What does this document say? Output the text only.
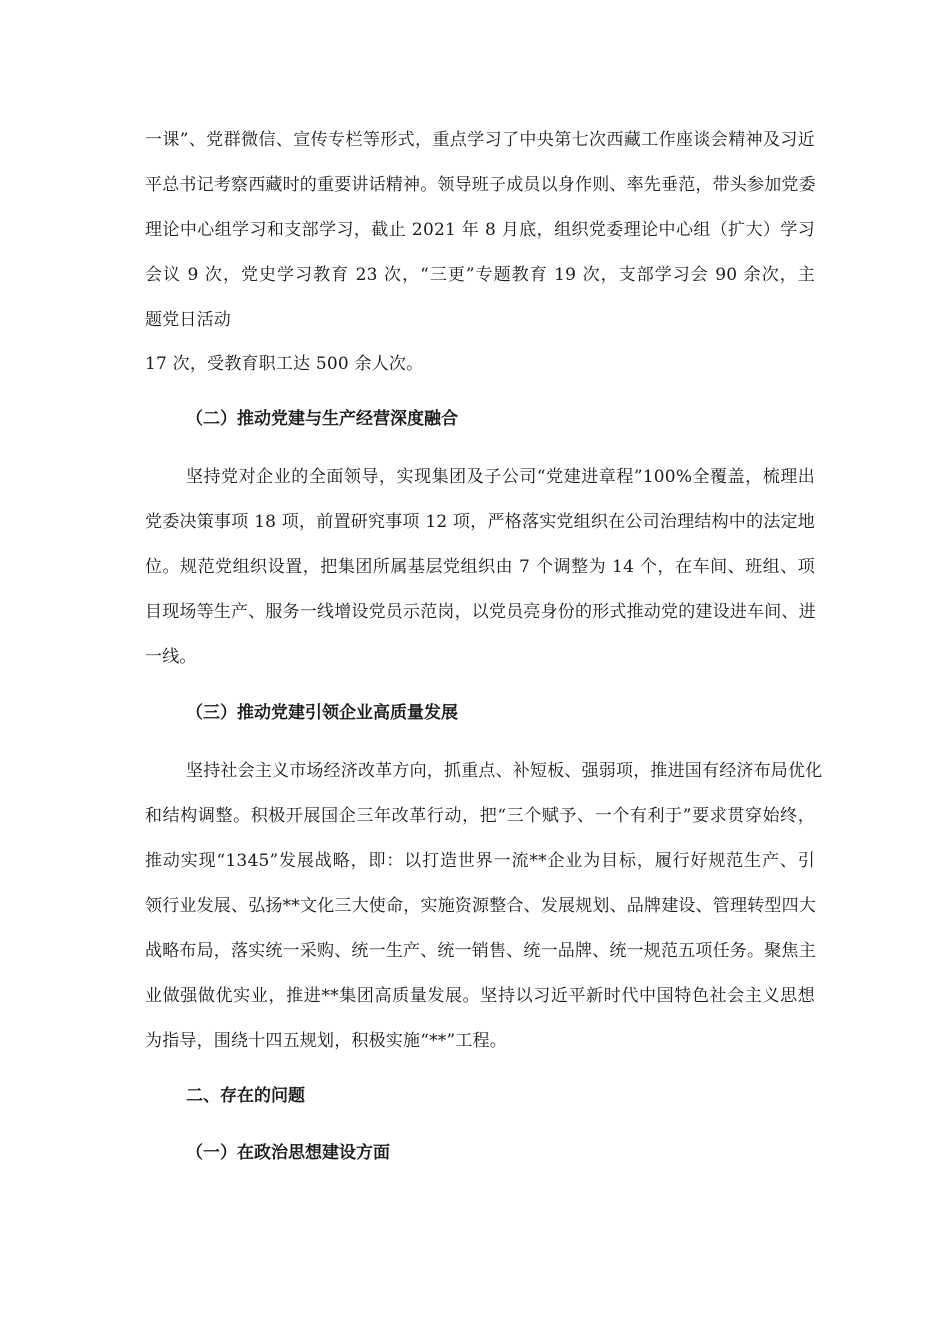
一课”、党群微信、宣传专栏等形式，重点学习了中央第七次西藏工作座谈会精神及习近
平总书记考察西藏时的重要讲话精神。领导班子成员以身作则、率先垂范，带头参加党委
理论中心组学习和支部学习，截止 2021 年 8 月底，组织党委理论中心组（扩大）学习
会议 9 次，党史学习教育 23 次，“三更”专题教育 19 次，支部学习会 90 余次，主
题党日活动
17 次，受教育职工达 500 余人次。
（二）推动党建与生产经营深度融合
坚持党对企业的全面领导，实现集团及子公司“党建进章程”100%全覆盖，梳理出
党委决策事项 18 项，前置研究事项 12 项，严格落实党组织在公司治理结构中的法定地
位。规范党组织设置，把集团所属基层党组织由 7 个调整为 14 个，在车间、班组、项
目现场等生产、服务一线增设党员示范岗，以党员亮身份的形式推动党的建设进车间、进
一线。
（三）推动党建引领企业高质量发展
坚持社会主义市场经济改革方向，抓重点、补短板、强弱项，推进国有经济布局优化
和结构调整。积极开展国企三年改革行动，把“三个赋予、一个有利于”要求贯穿始终，
推动实现“1345”发展战略，即：以打造世界一流**企业为目标，履行好规范生产、引
领行业发展、弘扬**文化三大使命，实施资源整合、发展规划、品牌建设、管理转型四大
战略布局，落实统一采购、统一生产、统一销售、统一品牌、统一规范五项任务。聚焦主
业做强做优实业，推进**集团高质量发展。坚持以习近平新时代中国特色社会主义思想
为指导，围绕十四五规划，积极实施“**”工程。
二、存在的问题
（一）在政治思想建设方面
